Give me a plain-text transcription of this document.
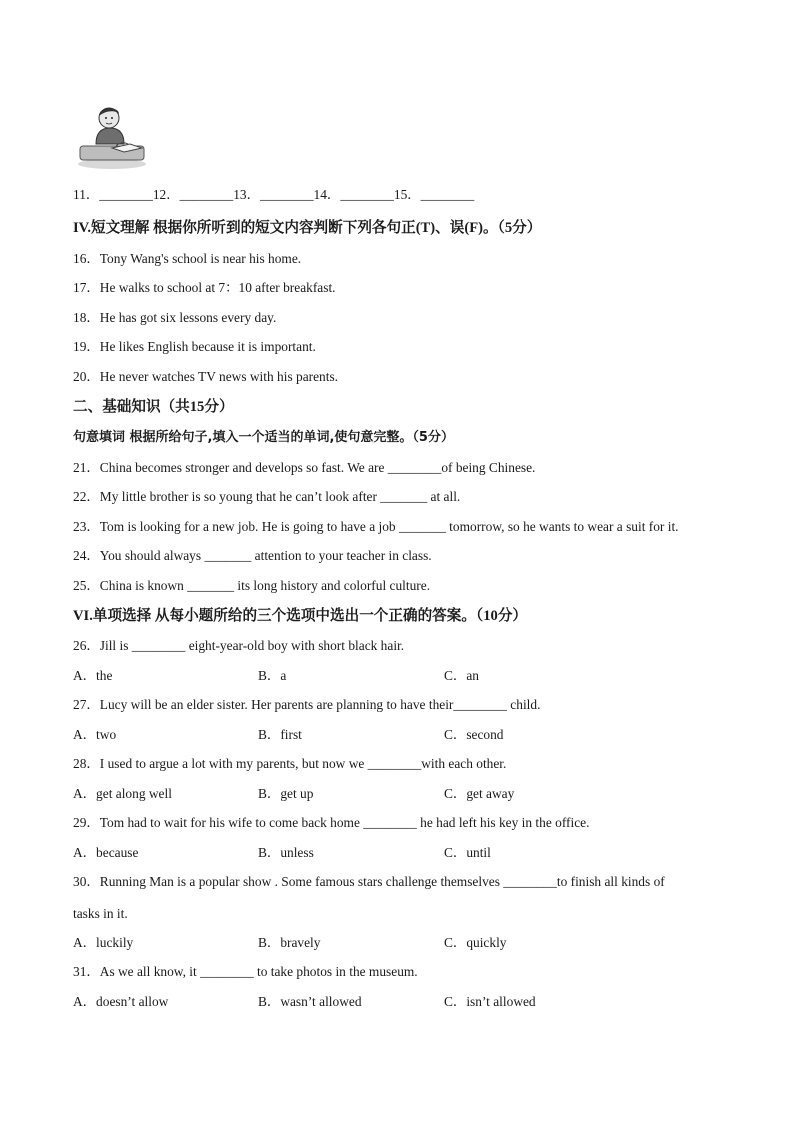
11．________12．________13．________14．________15．________
IV.短文理解 根据你所听到的短文内容判断下列各句正(T)、误(F)。（5分）
16．Tony Wang's school is near his home.
17．He walks to school at 7：10 after breakfast.
18．He has got six lessons every day.
19．He likes English because it is important.
20．He never watches TV news with his parents.
二、基础知识（共15分）
句意填词 根据所给句子,填入一个适当的单词,使句意完整。（5分）
21．China becomes stronger and develops so fast. We are ________of being Chinese.
22．My little brother is so young that he can’t look after _______ at all.
23．Tom is looking for a new job. He is going to have a job _______ tomorrow, so he wants to wear a suit for it.
24．You should always _______ attention to your teacher in class.
25．China is known _______ its long history and colorful culture.
VI.单项选择 从每小题所给的三个选项中选出一个正确的答案。（10分）
26．Jill is ________ eight-year-old boy with short black hair.
A．the	B．a	C．an
27．Lucy will be an elder sister. Her parents are planning to have their________ child.
A．two	B．first	C．second
28．I used to argue a lot with my parents, but now we ________with each other.
A．get along well	B．get up	C．get away
29．Tom had to wait for his wife to come back home ________ he had left his key in the office.
A．because	B．unless	C．until
30．Running Man is a popular show . Some famous stars challenge themselves ________to finish all kinds of
tasks in it.
A．luckily	B．bravely	C．quickly
31．As we all know, it ________ to take photos in the museum.
A．doesn’t allow	B．wasn’t allowed	C．isn’t allowed
